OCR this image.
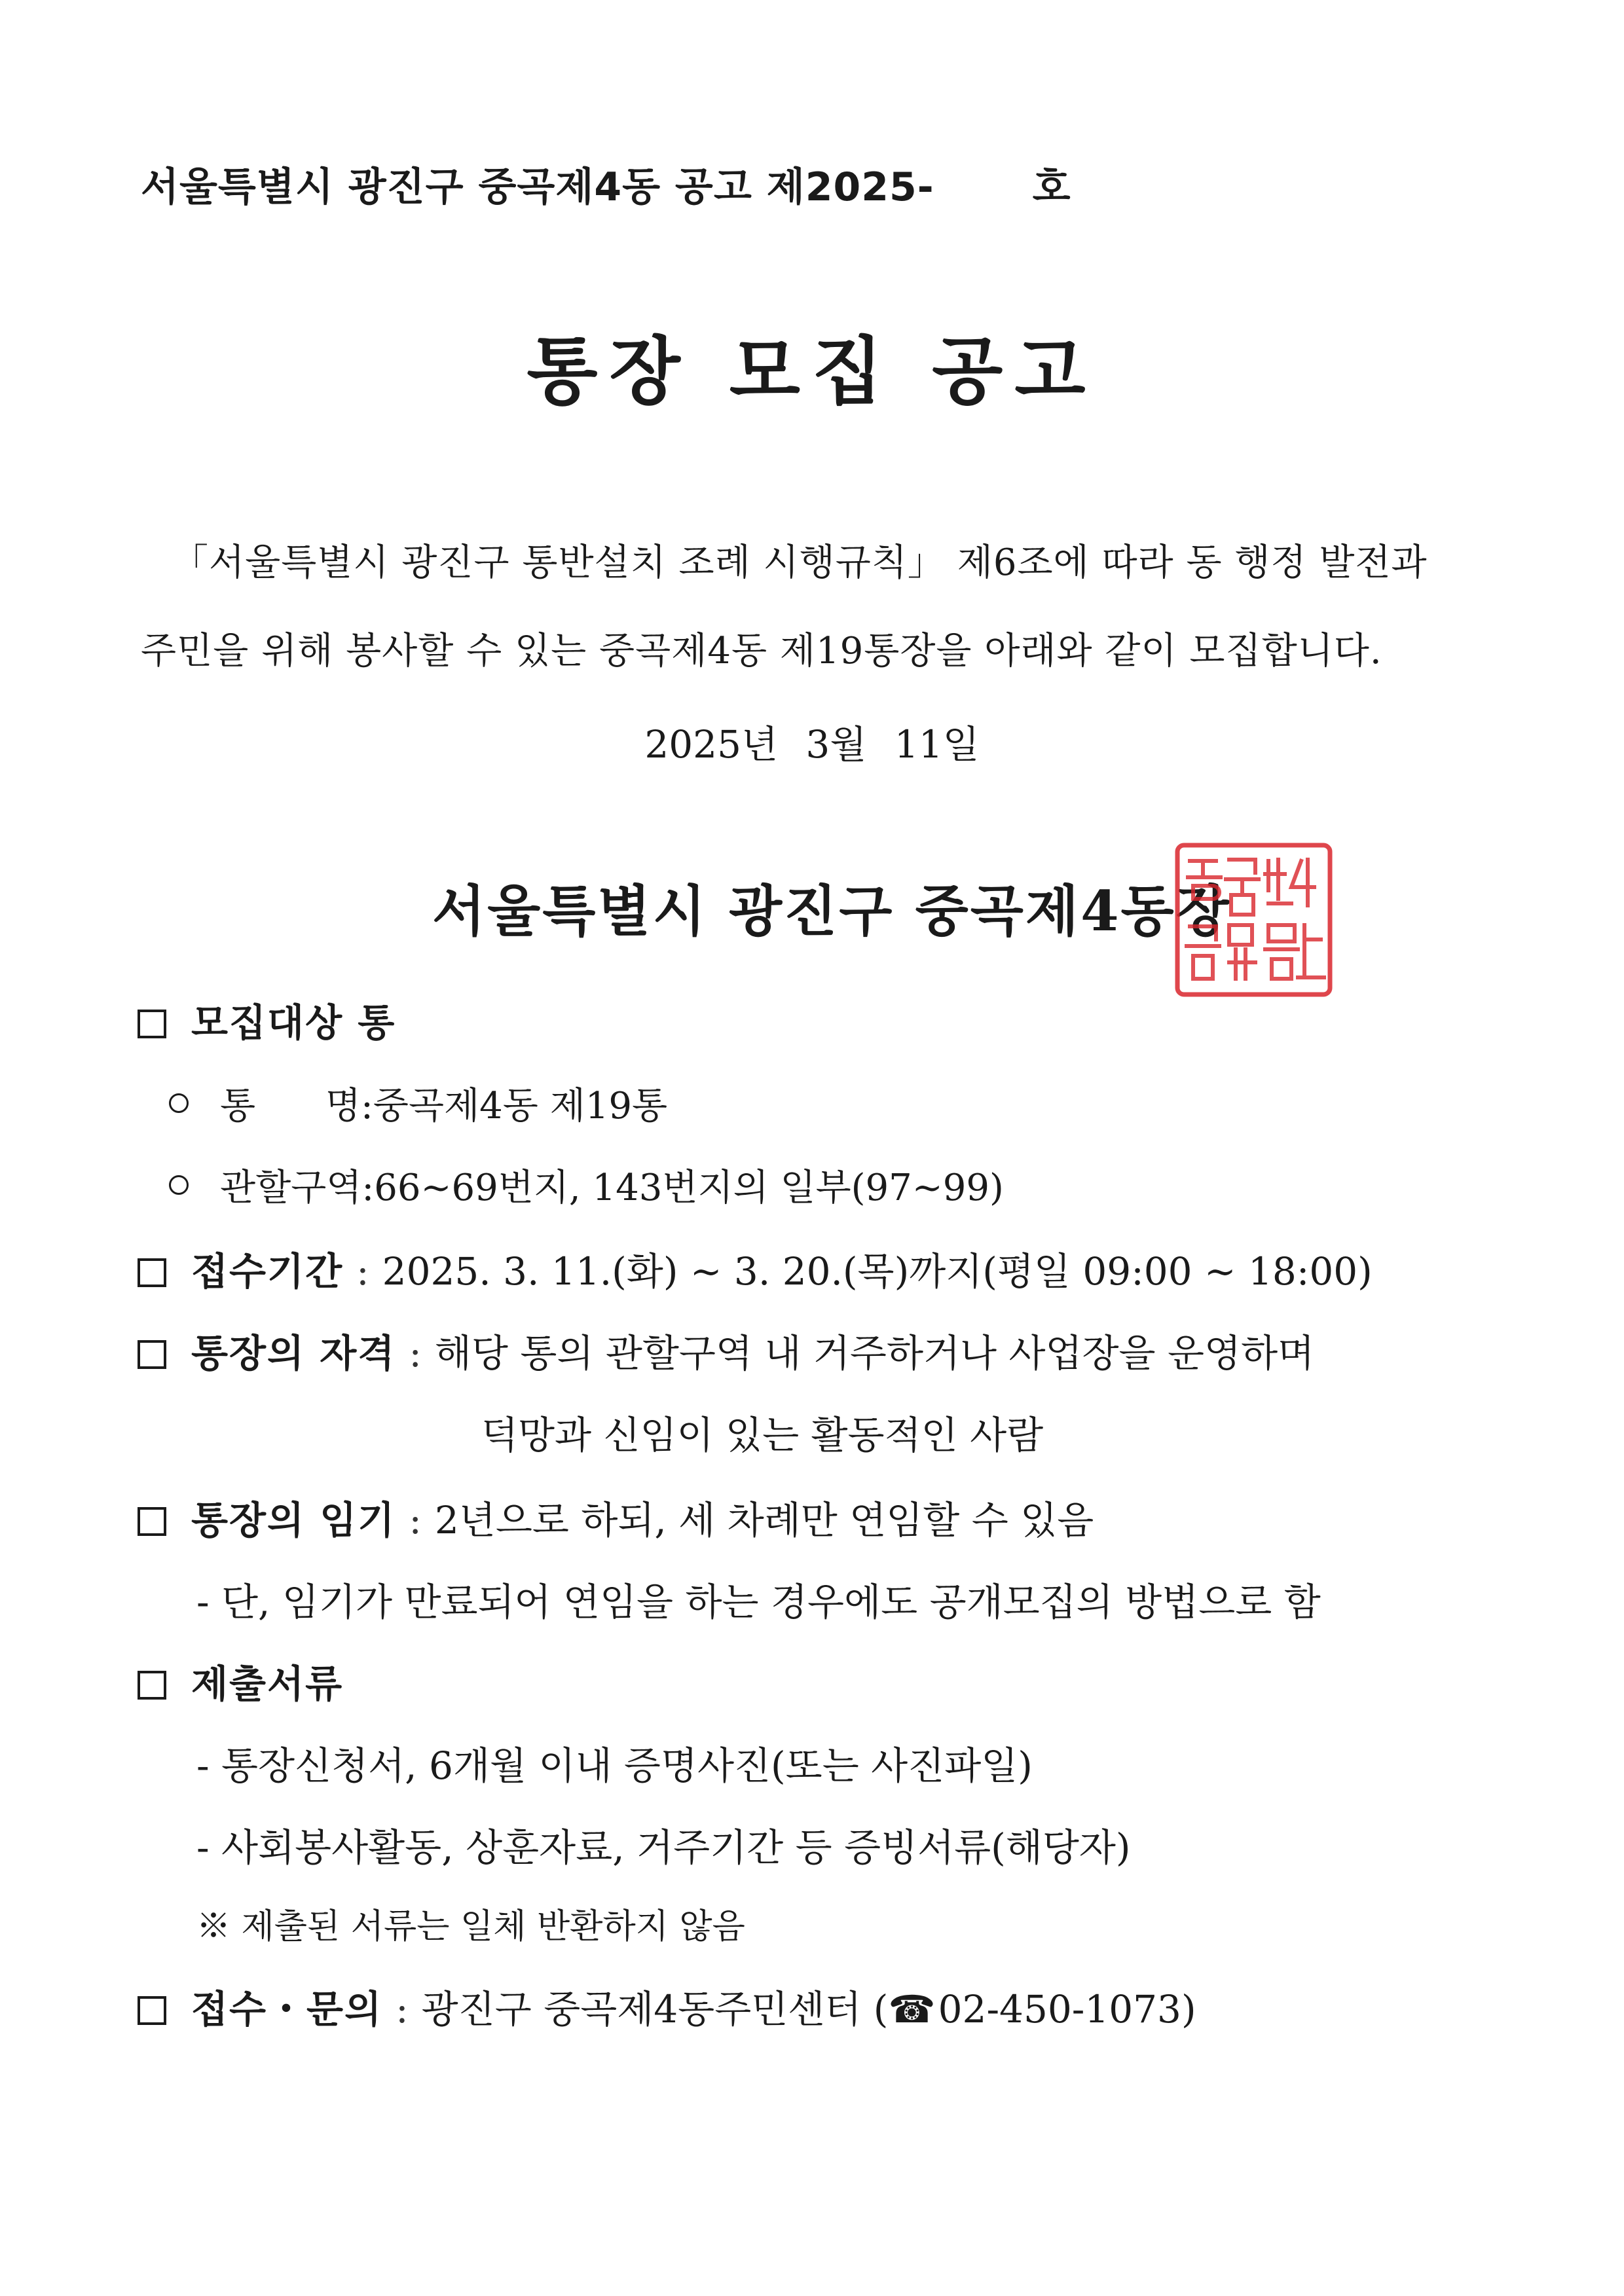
서울특별시 광진구 중곡제4동 공고 제2025-	호
통장 모집 공고
「서울특별시 광진구 통반설치 조례 시행규칙」 제6조에 따라 동 행정 발전과
주민을 위해 봉사할 수 있는 중곡제4동 제19통장을 아래와 같이 모집합니다.
2025년 3월 11일
서울특별시 광진구 중곡제4동장
모집대상 통
통      명:중곡제4동 제19통
관할구역:66~69번지, 143번지의 일부(97~99)
접수기간 : 2025. 3. 11.(화) ~ 3. 20.(목)까지(평일 09:00 ~ 18:00)
통장의 자격 : 해당 통의 관할구역 내 거주하거나 사업장을 운영하며
덕망과 신임이 있는 활동적인 사람
통장의 임기 : 2년으로 하되, 세 차례만 연임할 수 있음
- 단, 임기가 만료되어 연임을 하는 경우에도 공개모집의 방법으로 함
제출서류
- 통장신청서, 6개월 이내 증명사진(또는 사진파일)
- 사회봉사활동, 상훈자료, 거주기간 등 증빙서류(해당자)
※ 제출된 서류는 일체 반환하지 않음
접수・문의 : 광진구 중곡제4동주민센터 (☎02-450-1073)
